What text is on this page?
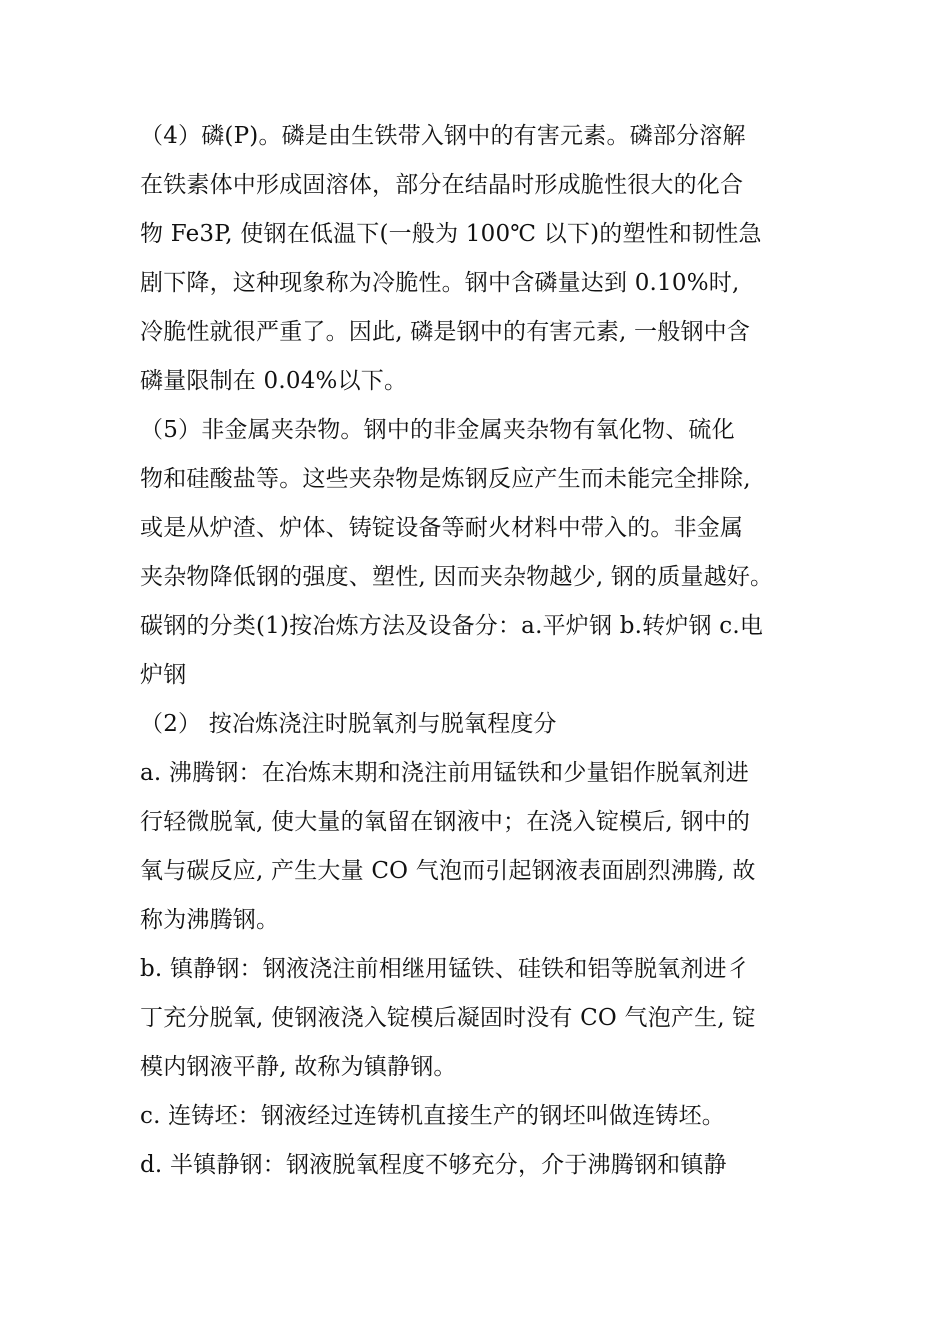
（4）磷(P)。磷是由生铁带入钢中的有害元素。磷部分溶解
在铁素体中形成固溶体，部分在结晶时形成脆性很大的化合
物 Fe3P, 使钢在低温下(一般为 100℃ 以下)的塑性和韧性急
剧下降，这种现象称为冷脆性。钢中含磷量达到 0.10%时,
冷脆性就很严重了。因此, 磷是钢中的有害元素, 一般钢中含
磷量限制在 0.04%以下。
（5）非金属夹杂物。钢中的非金属夹杂物有氧化物、硫化
物和硅酸盐等。这些夹杂物是炼钢反应产生而未能完全排除,
或是从炉渣、炉体、铸锭设备等耐火材料中带入的。非金属
夹杂物降低钢的强度、塑性, 因而夹杂物越少, 钢的质量越好。
碳钢的分类(1)按冶炼方法及设备分：a.平炉钢 b.转炉钢 c.电
炉钢
（2） 按冶炼浇注时脱氧剂与脱氧程度分
a. 沸腾钢：在冶炼末期和浇注前用锰铁和少量铝作脱氧剂进
行轻微脱氧, 使大量的氧留在钢液中；在浇入锭模后, 钢中的
氧与碳反应, 产生大量 CO 气泡而引起钢液表面剧烈沸腾, 故
称为沸腾钢。
b. 镇静钢：钢液浇注前相继用锰铁、硅铁和铝等脱氧剂进彳
丁充分脱氧, 使钢液浇入锭模后凝固时没有 CO 气泡产生, 锭
模内钢液平静, 故称为镇静钢。
c. 连铸坯：钢液经过连铸机直接生产的钢坯叫做连铸坯。
d. 半镇静钢：钢液脱氧程度不够充分，介于沸腾钢和镇静
